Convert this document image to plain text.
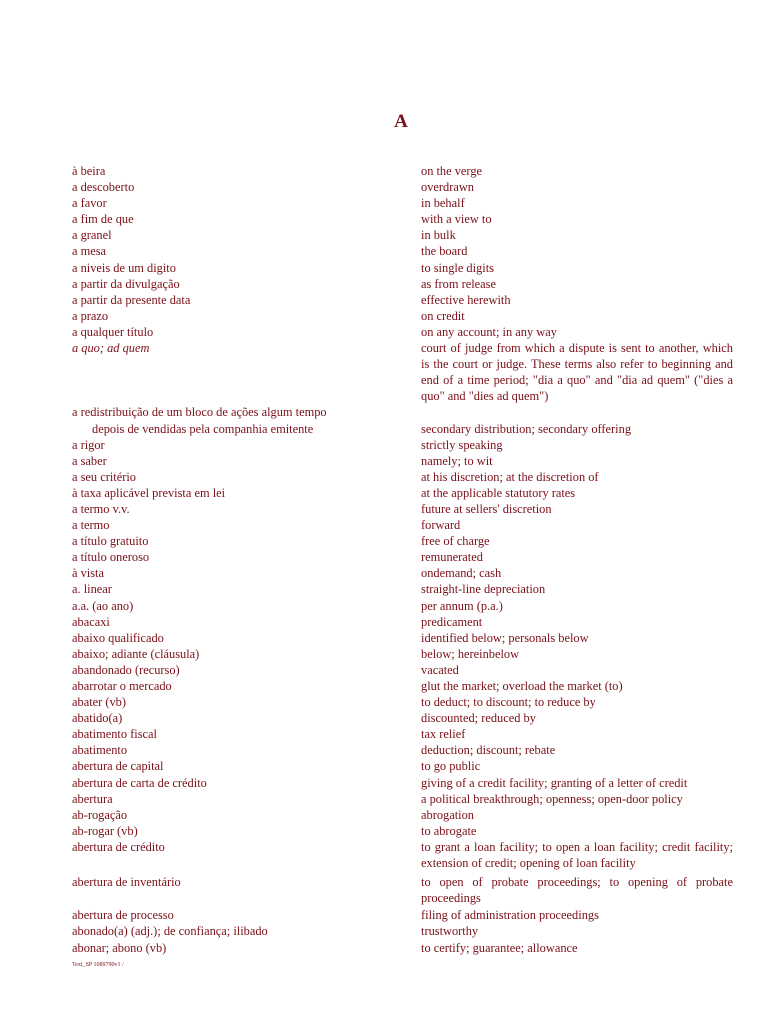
A
à beira	on the verge
a descoberto	overdrawn
a favor	in behalf
a fim de que	with a view to
a granel	in bulk
a mesa	the board
a niveis de um digito	to single digits
a partir da divulgação	as from release
a partir da presente data	effective herewith
a prazo	on credit
a qualquer título	on any account; in any way
a quo; ad quem	court of judge from which a dispute is sent to another, which is the court or judge. These terms also refer to beginning and end of a time period; "dia a quo" and "dia ad quem" ("dies a quo" and "dies ad quem")
a redistribuição de um bloco de ações algum tempo
depois de vendidas pela companhia emitente	secondary distribution; secondary offering
a rigor	strictly speaking
a saber	namely; to wit
a seu critério	at his discretion; at the discretion of
à taxa aplicável prevista em lei	at the applicable statutory rates
a termo v.v.	future at sellers' discretion
a termo	forward
a título gratuito	free of charge
a título oneroso	remunerated
à vista	ondemand; cash
a. linear	straight-line depreciation
a.a. (ao ano)	per annum (p.a.)
abacaxi	predicament
abaixo qualificado	identified below; personals below
abaixo; adiante (cláusula)	below; hereinbelow
abandonado (recurso)	vacated
abarrotar o mercado	glut the market; overload the market (to)
abater (vb)	to deduct; to discount; to reduce by
abatido(a)	discounted; reduced by
abatimento fiscal	tax relief
abatimento	deduction; discount; rebate
abertura de capital	to go public
abertura de carta de crédito	giving of a credit facility; granting of a letter of credit
abertura	a political breakthrough; openness; open-door policy
ab-rogação	abrogation
ab-rogar (vb)	to abrogate
abertura de crédito	to grant a loan facility; to open a loan facility; credit facility; extension of credit; opening of loan facility
abertura de inventário	to open of probate proceedings; to opening of probate proceedings
abertura de processo	filing of administration proceedings
abonado(a) (adj.); de confiança; ilibado	trustworthy
abonar; abono (vb)	to certify; guarantee; allowance
Text_SP 1089790v1 /
